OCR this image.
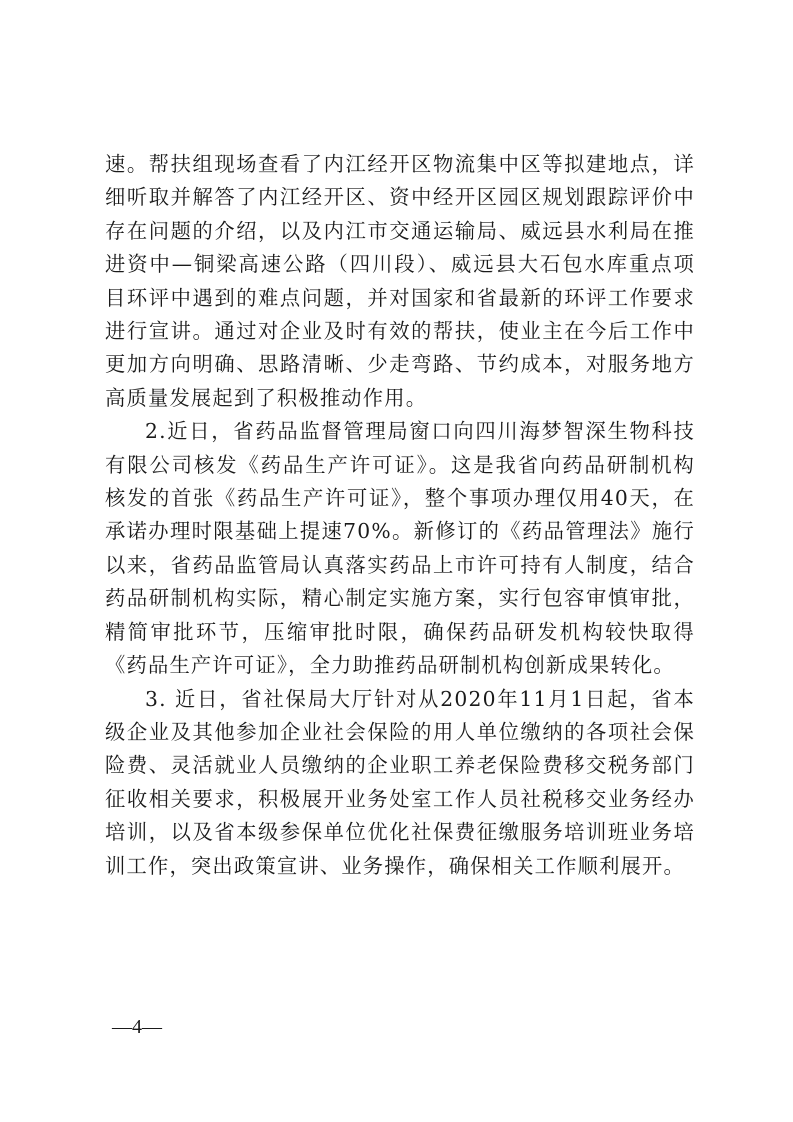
速。帮扶组现场查看了内江经开区物流集中区等拟建地点，详细听取并解答了内江经开区、资中经开区园区规划跟踪评价中存在问题的介绍，以及内江市交通运输局、威远县水利局在推进资中—铜梁高速公路（四川段）、威远县大石包水库重点项目环评中遇到的难点问题，并对国家和省最新的环评工作要求进行宣讲。通过对企业及时有效的帮扶，使业主在今后工作中更加方向明确、思路清晰、少走弯路、节约成本，对服务地方高质量发展起到了积极推动作用。

2.近日，省药品监督管理局窗口向四川海梦智深生物科技有限公司核发《药品生产许可证》。这是我省向药品研制机构核发的首张《药品生产许可证》，整个事项办理仅用40天，在承诺办理时限基础上提速70%。新修订的《药品管理法》施行以来，省药品监管局认真落实药品上市许可持有人制度，结合药品研制机构实际，精心制定实施方案，实行包容审慎审批，精简审批环节，压缩审批时限，确保药品研发机构较快取得《药品生产许可证》，全力助推药品研制机构创新成果转化。

3. 近日，省社保局大厅针对从2020年11月1日起，省本级企业及其他参加企业社会保险的用人单位缴纳的各项社会保险费、灵活就业人员缴纳的企业职工养老保险费移交税务部门征收相关要求，积极展开业务处室工作人员社税移交业务经办培训，以及省本级参保单位优化社保费征缴服务培训班业务培训工作，突出政策宣讲、业务操作，确保相关工作顺利展开。

—4—
